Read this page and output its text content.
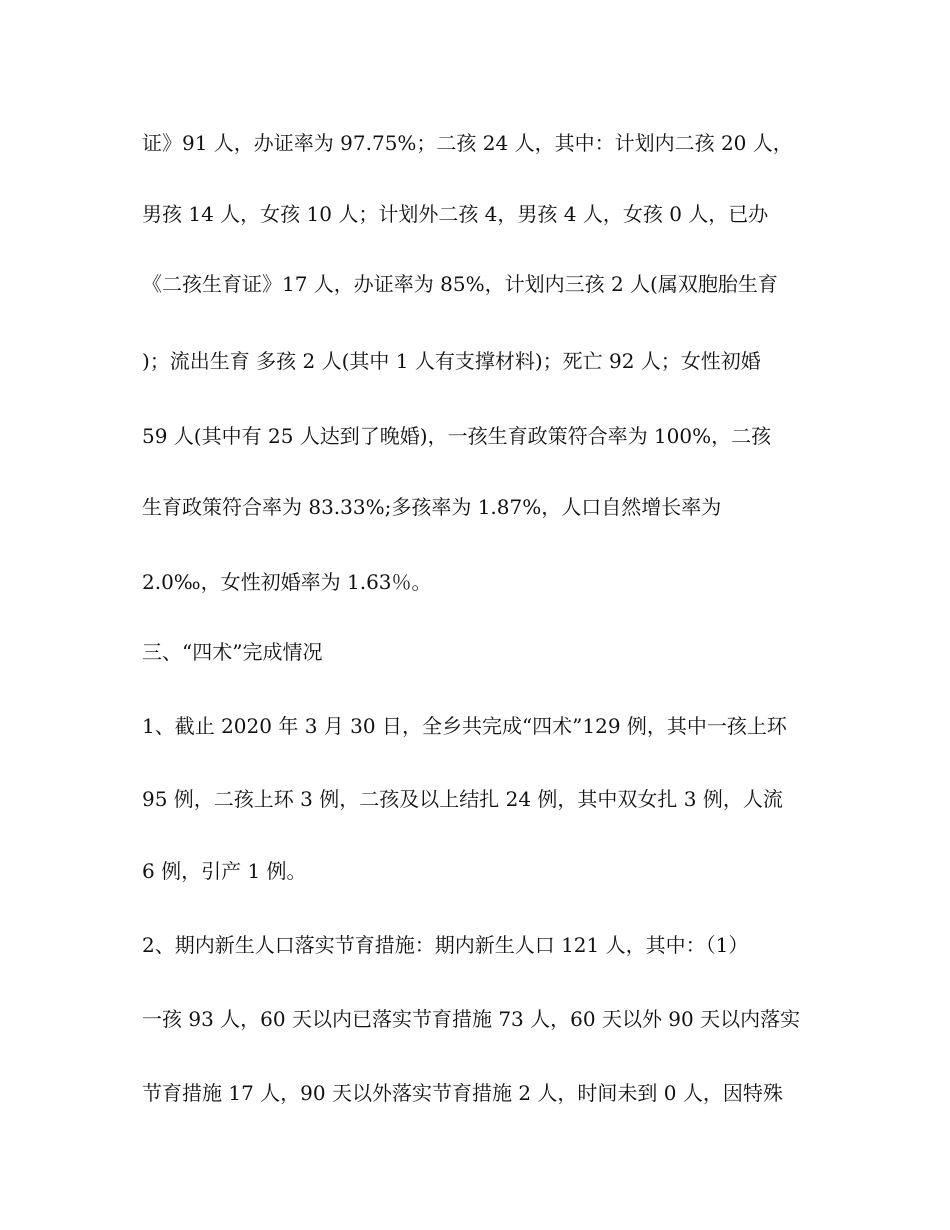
证》91 人，办证率为 97.75%；二孩 24 人，其中：计划内二孩 20 人，
男孩 14 人，女孩 10 人；计划外二孩 4，男孩 4 人，女孩 0 人，已办
《二孩生育证》17 人，办证率为 85%，计划内三孩 2 人(属双胞胎生育
)；流出生育 多孩 2 人(其中 1 人有支撑材料)；死亡 92 人；女性初婚
59 人(其中有 25 人达到了晚婚)，一孩生育政策符合率为 100%，二孩
生育政策符合率为 83.33%;多孩率为 1.87%，人口自然增长率为
2.0‰，女性初婚率为 1.63％。
三、“四术”完成情况
1、截止 2020 年 3 月 30 日，全乡共完成“四术”129 例，其中一孩上环
95 例，二孩上环 3 例，二孩及以上结扎 24 例，其中双女扎 3 例，人流
6 例，引产 1 例。
2、期内新生人口落实节育措施：期内新生人口 121 人，其中：（1）
一孩 93 人，60 天以内已落实节育措施 73 人，60 天以外 90 天以内落实
节育措施 17 人，90 天以外落实节育措施 2 人，时间未到 0 人，因特殊
